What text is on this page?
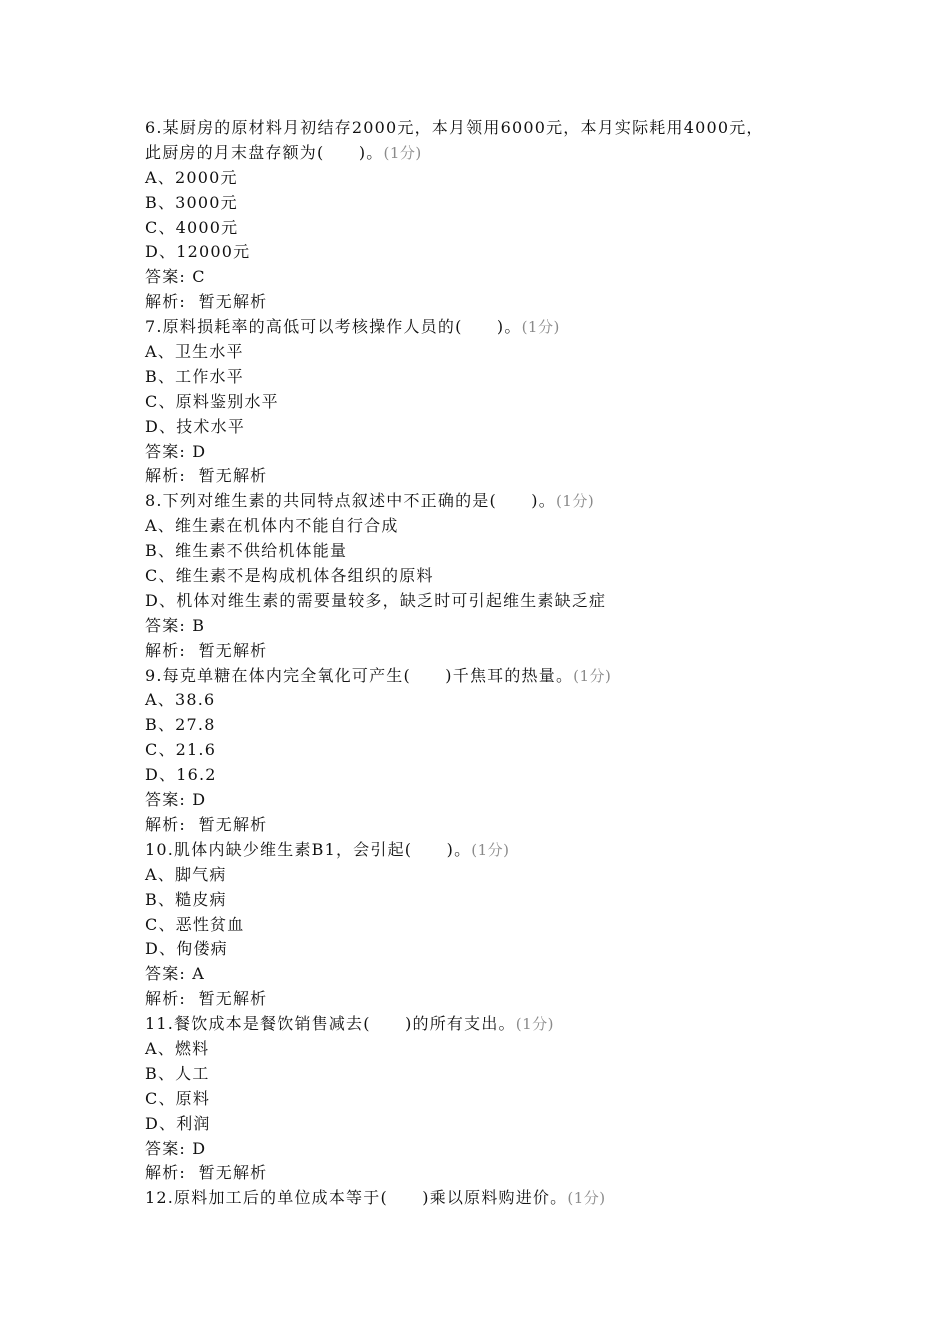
6.某厨房的原材料月初结存2000元，本月领用6000元，本月实际耗用4000元，
此厨房的月末盘存额为(　　)。(1分)
A、2000元
B、3000元
C、4000元
D、12000元
答案: C
解析:  暂无解析
7.原料损耗率的高低可以考核操作人员的(　　)。(1分)
A、卫生水平
B、工作水平
C、原料鉴别水平
D、技术水平
答案: D
解析:  暂无解析
8.下列对维生素的共同特点叙述中不正确的是(　　)。(1分)
A、维生素在机体内不能自行合成
B、维生素不供给机体能量
C、维生素不是构成机体各组织的原料
D、机体对维生素的需要量较多，缺乏时可引起维生素缺乏症
答案: B
解析:  暂无解析
9.每克单糖在体内完全氧化可产生(　　)千焦耳的热量。(1分)
A、38.6
B、27.8
C、21.6
D、16.2
答案: D
解析:  暂无解析
10.肌体内缺少维生素B1，会引起(　　)。(1分)
A、脚气病
B、糙皮病
C、恶性贫血
D、佝偻病
答案: A
解析:  暂无解析
11.餐饮成本是餐饮销售减去(　　)的所有支出。(1分)
A、燃料
B、人工
C、原料
D、利润
答案: D
解析:  暂无解析
12.原料加工后的单位成本等于(　　)乘以原料购进价。(1分)
